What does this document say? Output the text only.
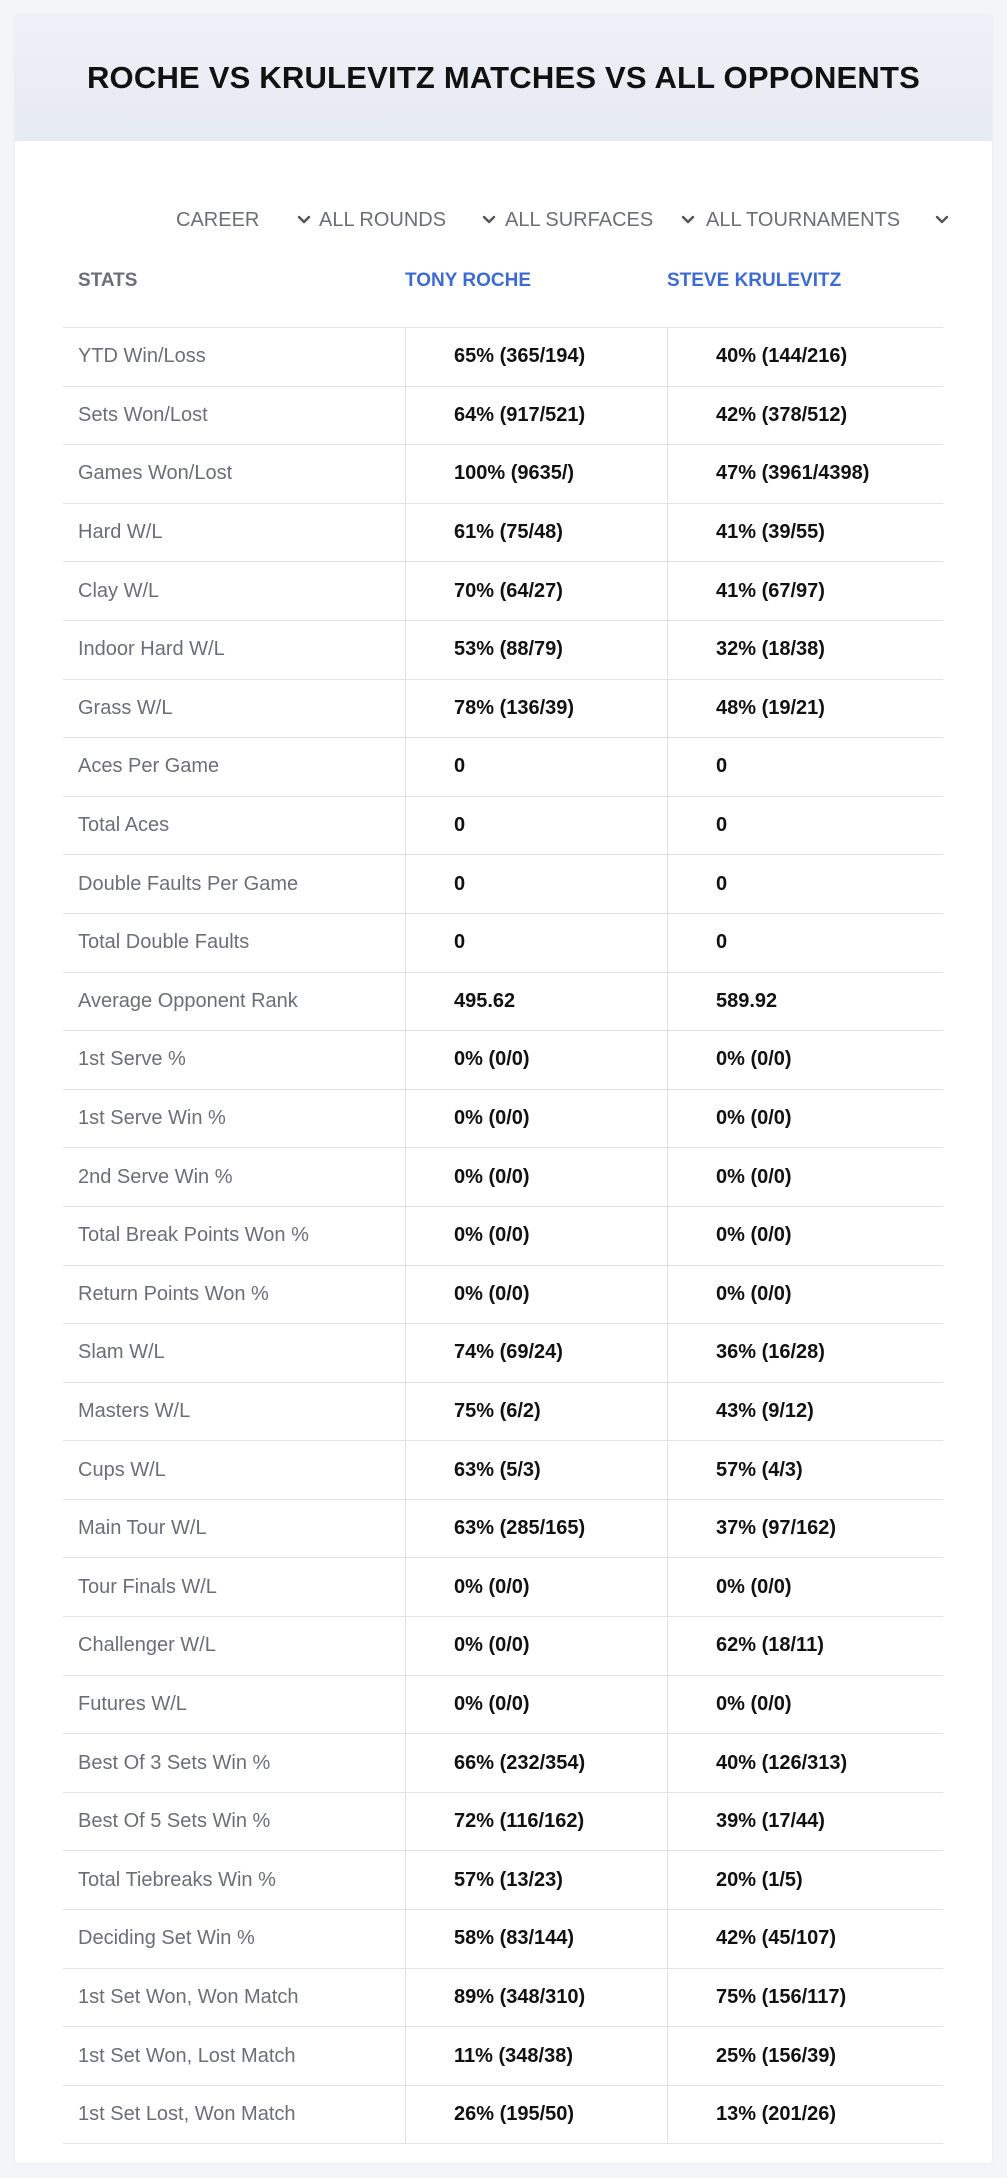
ROCHE VS KRULEVITZ MATCHES VS ALL OPPONENTS
CAREER	ALL ROUNDS	ALL SURFACES	ALL TOURNAMENTS
STATS	TONY ROCHE	STEVE KRULEVITZ
YTD Win/Loss	65% (365/194)	40% (144/216)
Sets Won/Lost	64% (917/521)	42% (378/512)
Games Won/Lost	100% (9635/)	47% (3961/4398)
Hard W/L	61% (75/48)	41% (39/55)
Clay W/L	70% (64/27)	41% (67/97)
Indoor Hard W/L	53% (88/79)	32% (18/38)
Grass W/L	78% (136/39)	48% (19/21)
Aces Per Game	0	0
Total Aces	0	0
Double Faults Per Game	0	0
Total Double Faults	0	0
Average Opponent Rank	495.62	589.92
1st Serve %	0% (0/0)	0% (0/0)
1st Serve Win %	0% (0/0)	0% (0/0)
2nd Serve Win %	0% (0/0)	0% (0/0)
Total Break Points Won %	0% (0/0)	0% (0/0)
Return Points Won %	0% (0/0)	0% (0/0)
Slam W/L	74% (69/24)	36% (16/28)
Masters W/L	75% (6/2)	43% (9/12)
Cups W/L	63% (5/3)	57% (4/3)
Main Tour W/L	63% (285/165)	37% (97/162)
Tour Finals W/L	0% (0/0)	0% (0/0)
Challenger W/L	0% (0/0)	62% (18/11)
Futures W/L	0% (0/0)	0% (0/0)
Best Of 3 Sets Win %	66% (232/354)	40% (126/313)
Best Of 5 Sets Win %	72% (116/162)	39% (17/44)
Total Tiebreaks Win %	57% (13/23)	20% (1/5)
Deciding Set Win %	58% (83/144)	42% (45/107)
1st Set Won, Won Match	89% (348/310)	75% (156/117)
1st Set Won, Lost Match	11% (348/38)	25% (156/39)
1st Set Lost, Won Match	26% (195/50)	13% (201/26)
